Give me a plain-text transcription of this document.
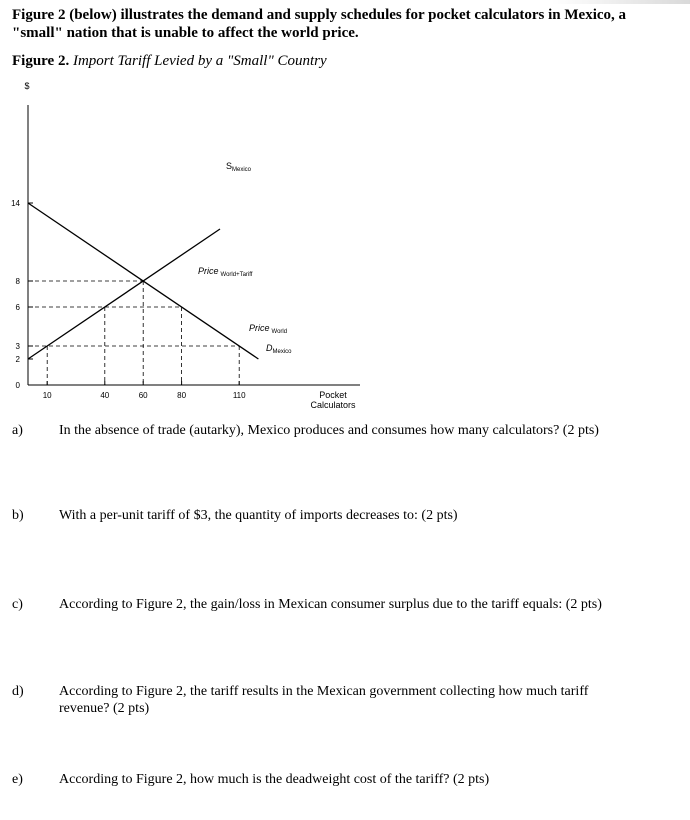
Figure 2 (below) illustrates the demand and supply schedules for pocket calculators in Mexico, a "small" nation that is unable to affect the world price.
Figure 2. Import Tariff Levied by a "Small" Country
$
Pocket
Calculators
0
2
3
6
8
14
10	40	60	80	110
$S_{Mexico}$
Price $_{World+Tariff}$
Price $_{World}$
$D_{Mexico}$
a)	In the absence of trade (autarky), Mexico produces and consumes how many calculators? (2 pts)
b)	With a per-unit tariff of $3, the quantity of imports decreases to: (2 pts)
c)	According to Figure 2, the gain/loss in Mexican consumer surplus due to the tariff equals: (2 pts)
d)	According to Figure 2, the tariff results in the Mexican government collecting how much tariff revenue? (2 pts)
e)	According to Figure 2, how much is the deadweight cost of the tariff? (2 pts)
